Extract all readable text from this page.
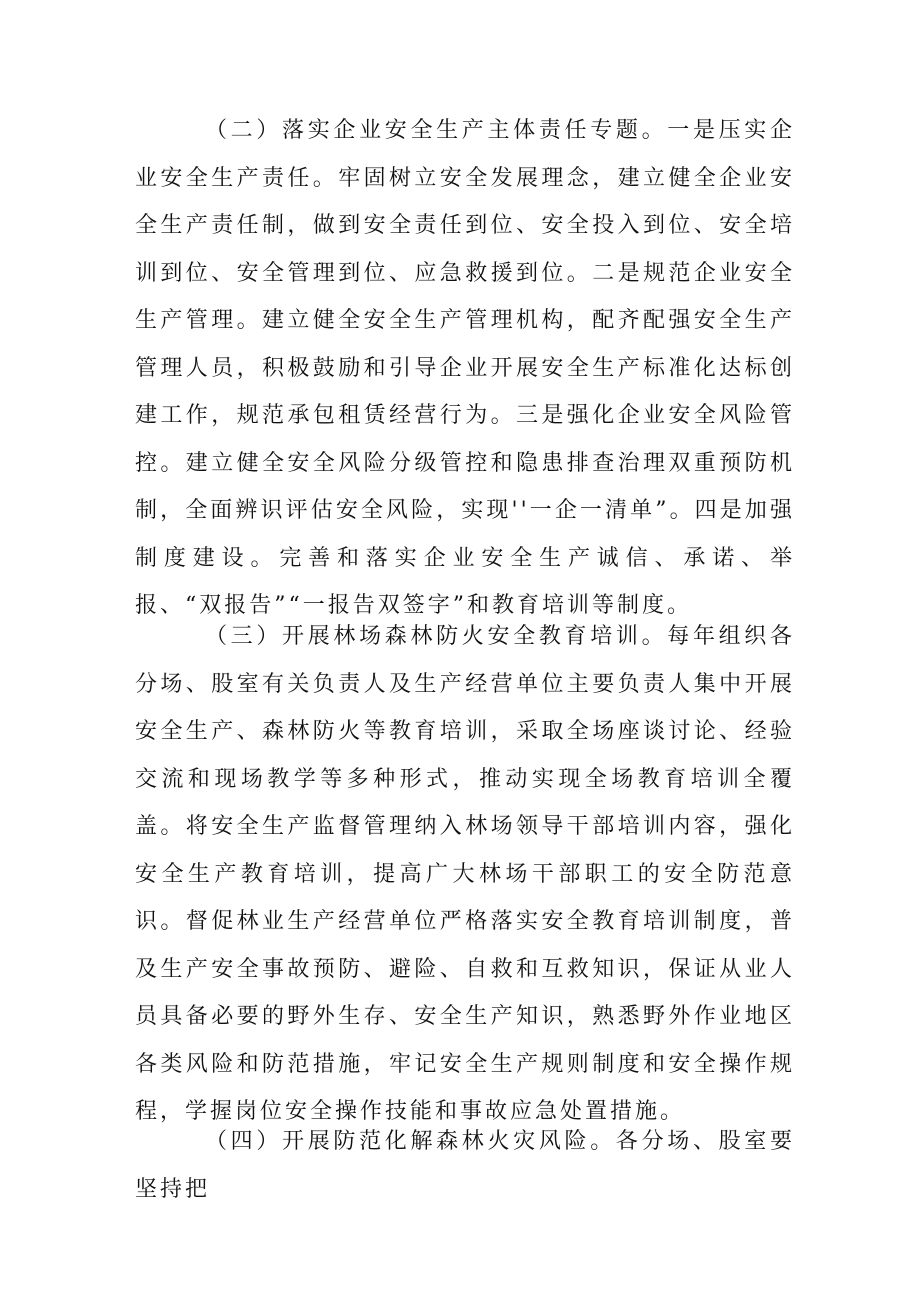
（二）落实企业安全生产主体责任专题。一是压实企业安全生产责任。牢固树立安全发展理念，建立健全企业安全生产责任制，做到安全责任到位、安全投入到位、安全培训到位、安全管理到位、应急救援到位。二是规范企业安全生产管理。建立健全安全生产管理机构，配齐配强安全生产管理人员，积极鼓励和引导企业开展安全生产标准化达标创建工作，规范承包租赁经营行为。三是强化企业安全风险管控。建立健全安全风险分级管控和隐患排查治理双重预防机制，全面辨识评估安全风险，实现''一企一清单”。四是加强制度建设。完善和落实企业安全生产诚信、承诺、举报、“双报告”“一报告双签字”和教育培训等制度。

（三）开展林场森林防火安全教育培训。每年组织各分场、股室有关负责人及生产经营单位主要负责人集中开展安全生产、森林防火等教育培训，采取全场座谈讨论、经验交流和现场教学等多种形式，推动实现全场教育培训全覆盖。将安全生产监督管理纳入林场领导干部培训内容，强化安全生产教育培训，提高广大林场干部职工的安全防范意识。督促林业生产经营单位严格落实安全教育培训制度，普及生产安全事故预防、避险、自救和互救知识，保证从业人员具备必要的野外生存、安全生产知识，熟悉野外作业地区各类风险和防范措施，牢记安全生产规则制度和安全操作规程，学握岗位安全操作技能和事故应急处置措施。

（四）开展防范化解森林火灾风险。各分场、股室要坚持把
